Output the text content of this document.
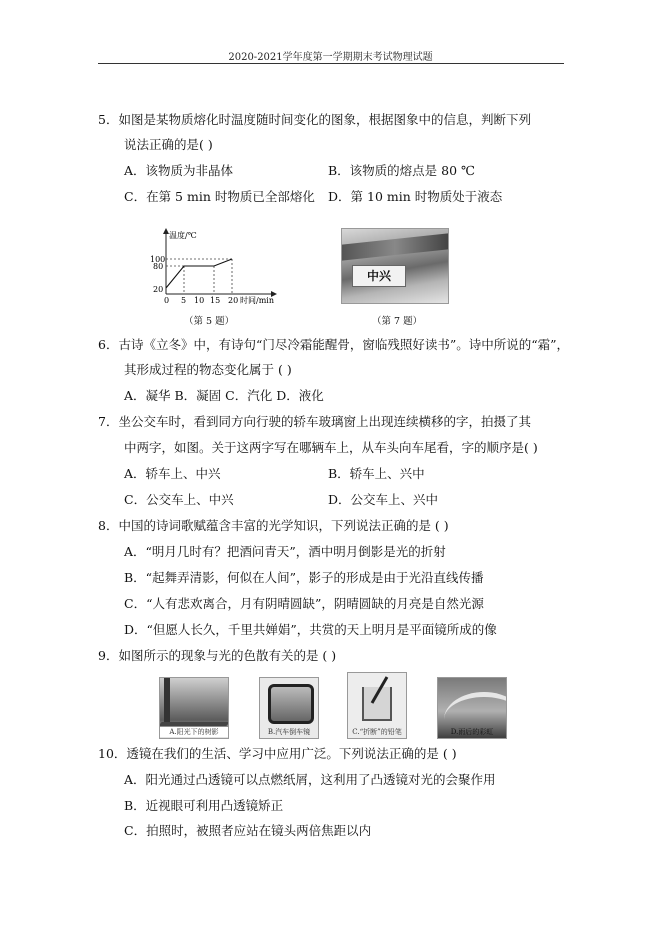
2020-2021学年度第一学期期末考试物理试题
5．如图是某物质熔化时温度随时间变化的图象，根据图象中的信息，判断下列
说法正确的是( )
A．该物质为非晶体	B．该物质的熔点是 80 ℃
C．在第 5 min 时物质已全部熔化 D．第 10 min 时物质处于液态
温度/℃
100
80
20
0 5 10 15 20 时间/min
（第 5 题）
中兴
（第 7 题）
6．古诗《立冬》中，有诗句“门尽冷霜能醒骨，窗临残照好读书”。诗中所说的“霜”，
其形成过程的物态变化属于 ( )
A．凝华 B．凝固 C．汽化 D．液化
7．坐公交车时，看到同方向行驶的轿车玻璃窗上出现连续横移的字，拍摄了其
中两字，如图。关于这两字写在哪辆车上，从车头向车尾看，字的顺序是( )
A．轿车上、中兴	B．轿车上、兴中
C．公交车上、中兴	D．公交车上、兴中
8．中国的诗词歌赋蕴含丰富的光学知识，下列说法正确的是 ( )
A．“明月几时有？把酒问青天”，酒中明月倒影是光的折射
B．“起舞弄清影，何似在人间”，影子的形成是由于光沿直线传播
C．“人有悲欢离合，月有阴晴圆缺”，阴晴圆缺的月亮是自然光源
D．“但愿人长久，千里共婵娟”，共赏的天上明月是平面镜所成的像
9．如图所示的现象与光的色散有关的是 ( )
A.阳光下的树影	B.汽车倒车镜	C.“折断”的铅笔	D.雨后的彩虹
10．透镜在我们的生活、学习中应用广泛。下列说法正确的是 ( )
A．阳光通过凸透镜可以点燃纸屑，这利用了凸透镜对光的会聚作用
B．近视眼可利用凸透镜矫正
C．拍照时，被照者应站在镜头两倍焦距以内
